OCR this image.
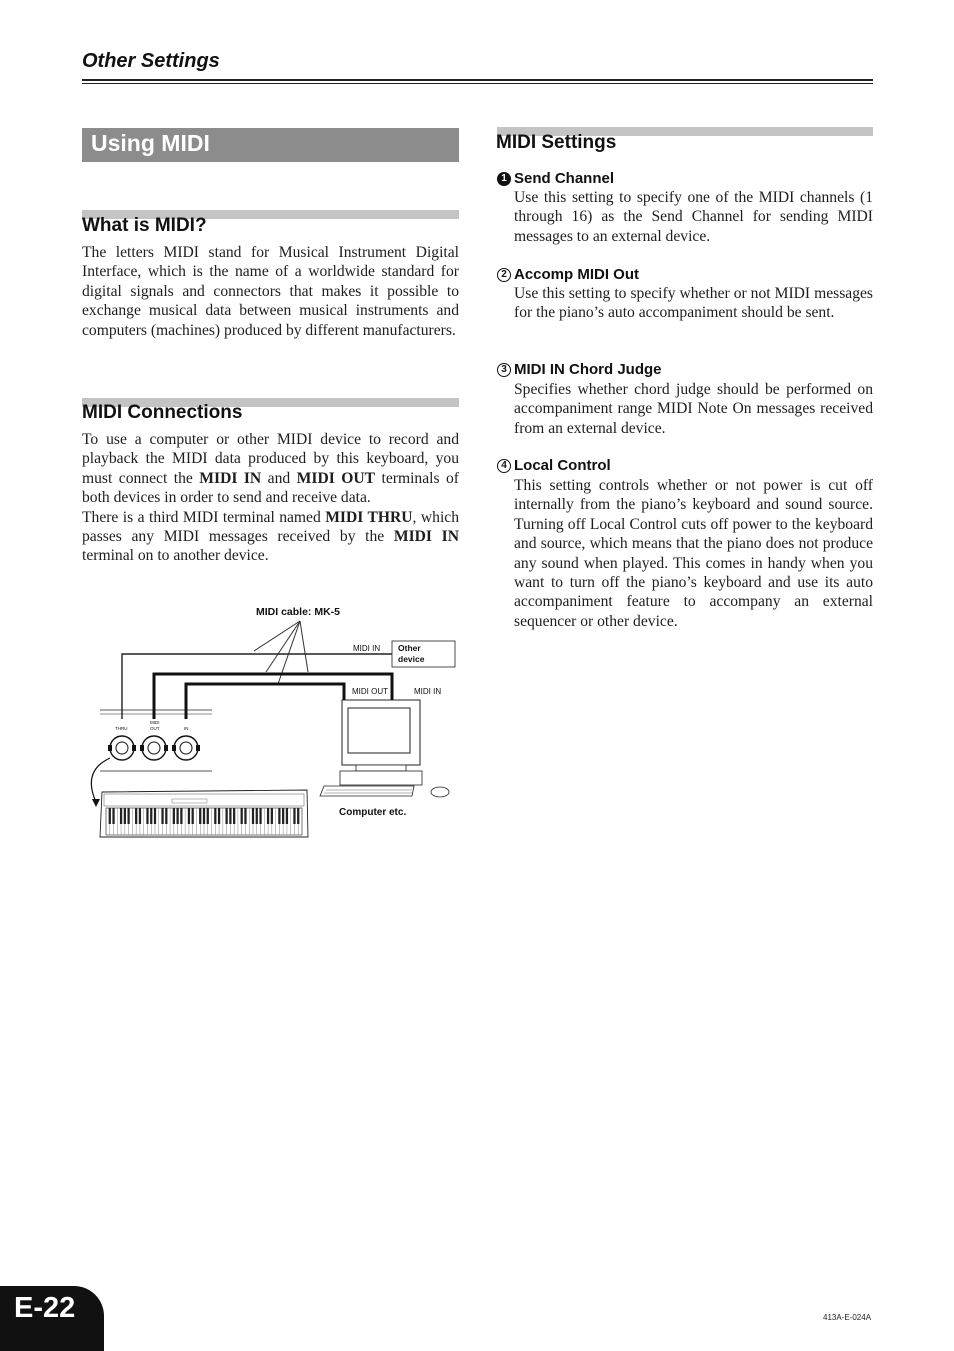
Other Settings
Using MIDI
What is MIDI?
The letters MIDI stand for Musical Instrument Digital Interface, which is the name of a worldwide standard for digital signals and connectors that makes it possible to exchange musical data between musical instruments and computers (machines) produced by different manufacturers.
MIDI Connections
To use a computer or other MIDI device to record and playback the MIDI data produced by this keyboard, you must connect the MIDI IN and MIDI OUT terminals of both devices in order to send and receive data.
There is a third MIDI terminal named MIDI THRU, which passes any MIDI messages received by the MIDI IN terminal on to another device.
MIDI cable: MK-5
MIDI IN Other
device
MIDI OUT	MIDI IN
Computer etc.
THRU
MIDI
OUT	IN
MIDI Settings
1 Send Channel
Use this setting to specify one of the MIDI channels (1 through 16) as the Send Channel for sending MIDI messages to an external device.
2 Accomp MIDI Out
Use this setting to specify whether or not MIDI messages for the piano’s auto accompaniment should be sent.
3 MIDI IN Chord Judge
Specifies whether chord judge should be performed on accompaniment range MIDI Note On messages received from an external device.
4 Local Control
This setting controls whether or not power is cut off internally from the piano’s keyboard and sound source. Turning off Local Control cuts off power to the keyboard and source, which means that the piano does not produce any sound when played. This comes in handy when you want to turn off the piano’s keyboard and use its auto accompaniment feature to accompany an external sequencer or other device.
E-22	413A-E-024A
